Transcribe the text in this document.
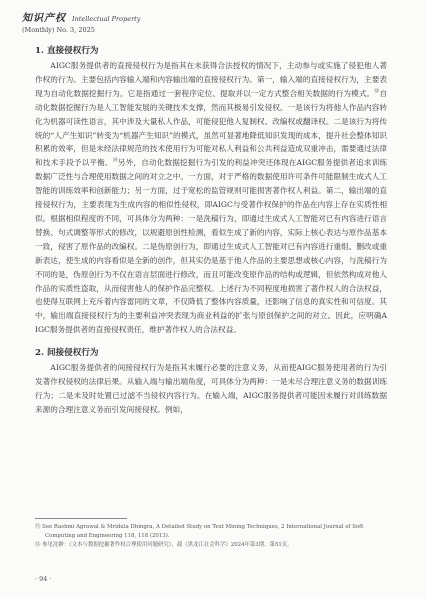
知识产权 Intellectual Property
(Monthly) No. 3, 2025
1. 直接侵权行为

AIGC服务提供者的直接侵权行为是指其在未获得合法授权的情况下，主动参与或实施了侵犯他人著作权的行为。主要包括内容输入端和内容输出端的直接侵权行为。第一，输入端的直接侵权行为，主要表现为自动化数据挖掘行为。它是指通过一套程序定位、提取并以一定方式整合相关数据的行为模式。⑬自动化数据挖掘行为是人工智能发展的关键技术支撑，然而其极易引发侵权。一是该行为将他人作品内容转化为机器可读性语言，其中涉及大量私人作品，可能侵犯他人复制权、改编权或翻译权。二是该行为将传统的“人产生知识”转变为“机器产生知识”的模式，虽然可显著地降低知识发现的成本，提升社会整体知识积累的效率，但是未经法律规范的技术使用行为可能对私人利益和公共利益造成双重冲击，需要通过法律和技术手段予以平衡。⑭另外，自动化数据挖掘行为引发的利益冲突还体现在AIGC服务提供者追求训练数据广泛性与合理使用数据之间的对立之中。一方面，对于严格的数据使用许可条件可能限制生成式人工智能的训练效率和创新能力；另一方面，过于宽松的监管规则可能损害著作权人利益。第二，输出端的直接侵权行为，主要表现为生成内容的相似性侵权，即AIGC与受著作权保护的作品在内容上存在实质性相似。根据相似程度的不同，可具体分为两种：一是洗稿行为，即通过生成式人工智能对已有内容进行语言替换、句式调整等形式的修改，以规避原创性检测，看似生成了新的内容，实际上核心表达与原作品基本一致，侵害了原作品的改编权。二是伪原创行为，即通过生成式人工智能对已有内容进行重组、删改或重新表达，使生成的内容看似是全新的创作，但其实仍是基于他人作品的主要思想或核心内容，与洗稿行为不同的是，伪原创行为不仅在语言层面进行修改，而且可能改变原作品的结构或逻辑，但依然构成对他人作品的实质性盗取，从而侵害他人的保护作品完整权。上述行为不同程度地损害了著作权人的合法权益，也使得互联网上充斥着内容雷同的文章，不仅降低了整体内容质量，还影响了信息的真实性和可信度。其中，输出端直接侵权行为的主要利益冲突表现为商业利益的扩张与原创保护之间的对立。因此，应明确AIGC服务提供者的直接侵权责任，维护著作权人的合法权益。

2. 间接侵权行为

AIGC服务提供者的间接侵权行为是指其未履行必要的注意义务，从而使AIGC服务使用者的行为引发著作权侵权的法律后果。从输入端与输出端角度，可具体分为两种：一是未尽合理注意义务的数据训练行为；二是未及时处置已过滤不当侵权内容行为。在输入端，AIGC服务提供者可能因未履行对训练数据来源的合理注意义务而引发间接侵权。例如，

⑬ See Rashmi Agrawal & Mridula Dhingra, A Detailed Study on Text Mining Techniques, 2 International Journal of Soft

Computing and Engineering 118, 118 (2013).

⑭ 参见沈翀：《文本与数据挖掘著作权合理使用问题研究》，载《黑龙江社会科学》2024年第3期，第51页。

· 94 ·
